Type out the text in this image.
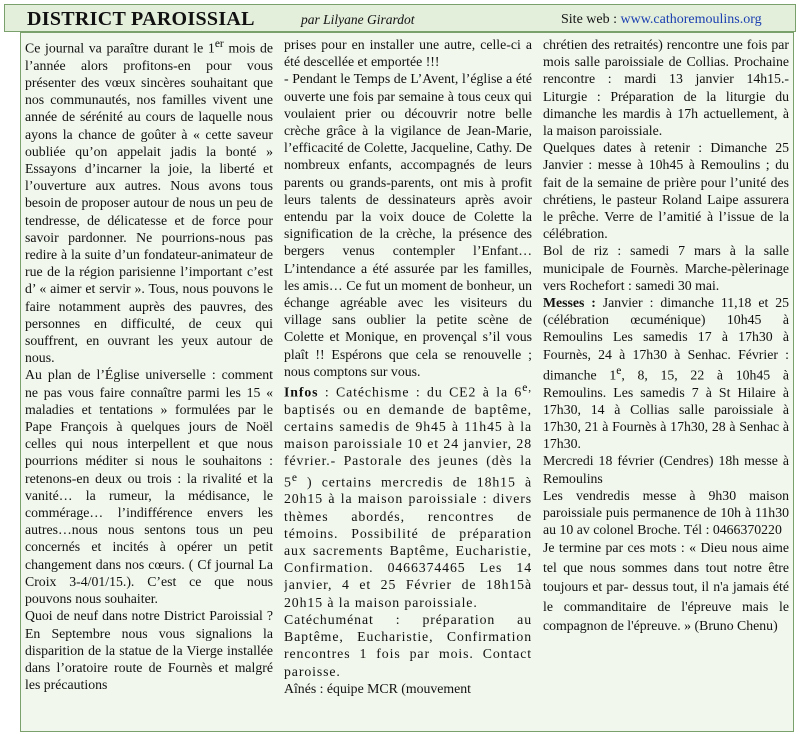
DISTRICT PAROISSIAL	par Lilyane Girardot	Site web : www.cathoremoulins.org

Ce journal va paraître durant le 1er mois de l’année alors profitons-en pour vous présenter des vœux sincères souhaitant que nos communautés, nos familles vivent une année de sérénité au cours de laquelle nous ayons la chance de goûter à « cette saveur oubliée qu’on appelait jadis la bonté » Essayons d’incarner la joie, la liberté et l’ouverture aux autres. Nous avons tous besoin de proposer autour de nous un peu de tendresse, de délicatesse et de force pour savoir pardonner. Ne pourrions-nous pas redire à la suite d’un fondateur-animateur de rue de la région parisienne l’important c’est d’ « aimer et servir ». Tous, nous pouvons le faire notamment auprès des pauvres, des personnes en difficulté, de ceux qui souffrent, en ouvrant les yeux autour de nous.

Au plan de l’Église universelle : comment ne pas vous faire connaître parmi les 15 « maladies et tentations » formulées par le Pape François à quelques jours de Noël celles qui nous interpellent et que nous pourrions méditer si nous le souhaitons : retenons-en deux ou trois : la rivalité et la vanité… la rumeur, la médisance, le commérage… l’indifférence envers les autres…nous nous sentons tous un peu concernés et incités à opérer un petit changement dans nos cœurs. ( Cf journal La Croix 3-4/01/15.). C’est ce que nous pouvons nous souhaiter.

Quoi de neuf dans notre District Paroissial ? En Septembre nous vous signalions la disparition de la statue de la Vierge installée dans l’oratoire route de Fournès et malgré les précautions

prises pour en installer une autre, celle-ci a été descellée et emportée !!!

- Pendant le Temps de L’Avent, l’église a été ouverte une fois par semaine à tous ceux qui voulaient prier ou découvrir notre belle crèche grâce à la vigilance de Jean-Marie, l’efficacité de Colette, Jacqueline, Cathy. De nombreux enfants, accompagnés de leurs parents ou grands-parents, ont mis à profit leurs talents de dessinateurs après avoir entendu par la voix douce de Colette la signification de la crèche, la présence des bergers venus contempler l’Enfant… L’intendance a été assurée par les familles, les amis… Ce fut un moment de bonheur, un échange agréable avec les visiteurs du village sans oublier la petite scène de Colette et Monique, en provençal s’il vous plaît !! Espérons que cela se renouvelle ; nous comptons sur vous.

Infos : Catéchisme : du CE2 à la $6^{e,}$ baptisés ou en demande de baptême, certains samedis de 9h45 à 11h45 à la maison paroissiale 10 et 24 janvier, 28 février.- Pastorale des jeunes (dès la 5e ) certains mercredis de 18h15 à 20h15 à la maison paroissiale : divers thèmes abordés, rencontres de témoins. Possibilité de préparation aux sacrements Baptême, Eucharistie, Confirmation. 0466374465 Les 14 janvier, 4 et 25 Février de 18h15à 20h15 à la maison paroissiale.

Catéchuménat : préparation au Baptême, Eucharistie, Confirmation rencontres 1 fois par mois. Contact paroisse.

Aînés : équipe MCR (mouvement

chrétien des retraités) rencontre une fois par mois salle paroissiale de Collias. Prochaine rencontre : mardi 13 janvier 14h15.- Liturgie : Préparation de la liturgie du dimanche les mardis à 17h actuellement, à la maison paroissiale.

Quelques dates à retenir : Dimanche 25 Janvier : messe à 10h45 à Remoulins ; du fait de la semaine de prière pour l’unité des chrétiens, le pasteur Roland Laipe assurera le prêche. Verre de l’amitié à l’issue de la célébration.

Bol de riz : samedi 7 mars à la salle municipale de Fournès. Marche-pèlerinage vers Rochefort : samedi 30 mai.

Messes : Janvier : dimanche 11,18 et 25 (célébration œcuménique) 10h45 à Remoulins Les samedis 17 à 17h30 à Fournès, 24 à 17h30 à Senhac. Février : dimanche 1e, 8, 15, 22 à 10h45 à Remoulins. Les samedis 7 à St Hilaire à 17h30, 14 à Collias salle paroissiale à 17h30, 21 à Fournès à 17h30, 28 à Senhac à 17h30.

Mercredi 18 février (Cendres) 18h messe à Remoulins

Les vendredis messe à 9h30 maison paroissiale puis permanence de 10h à 11h30 au 10 av colonel Broche. Tél : 0466370220

Je termine par ces mots : « Dieu nous aime tel que nous sommes dans tout notre être toujours et par- dessus tout, il n'a jamais été le commanditaire de l'épreuve mais le compagnon de l'épreuve. » (Bruno Chenu)
